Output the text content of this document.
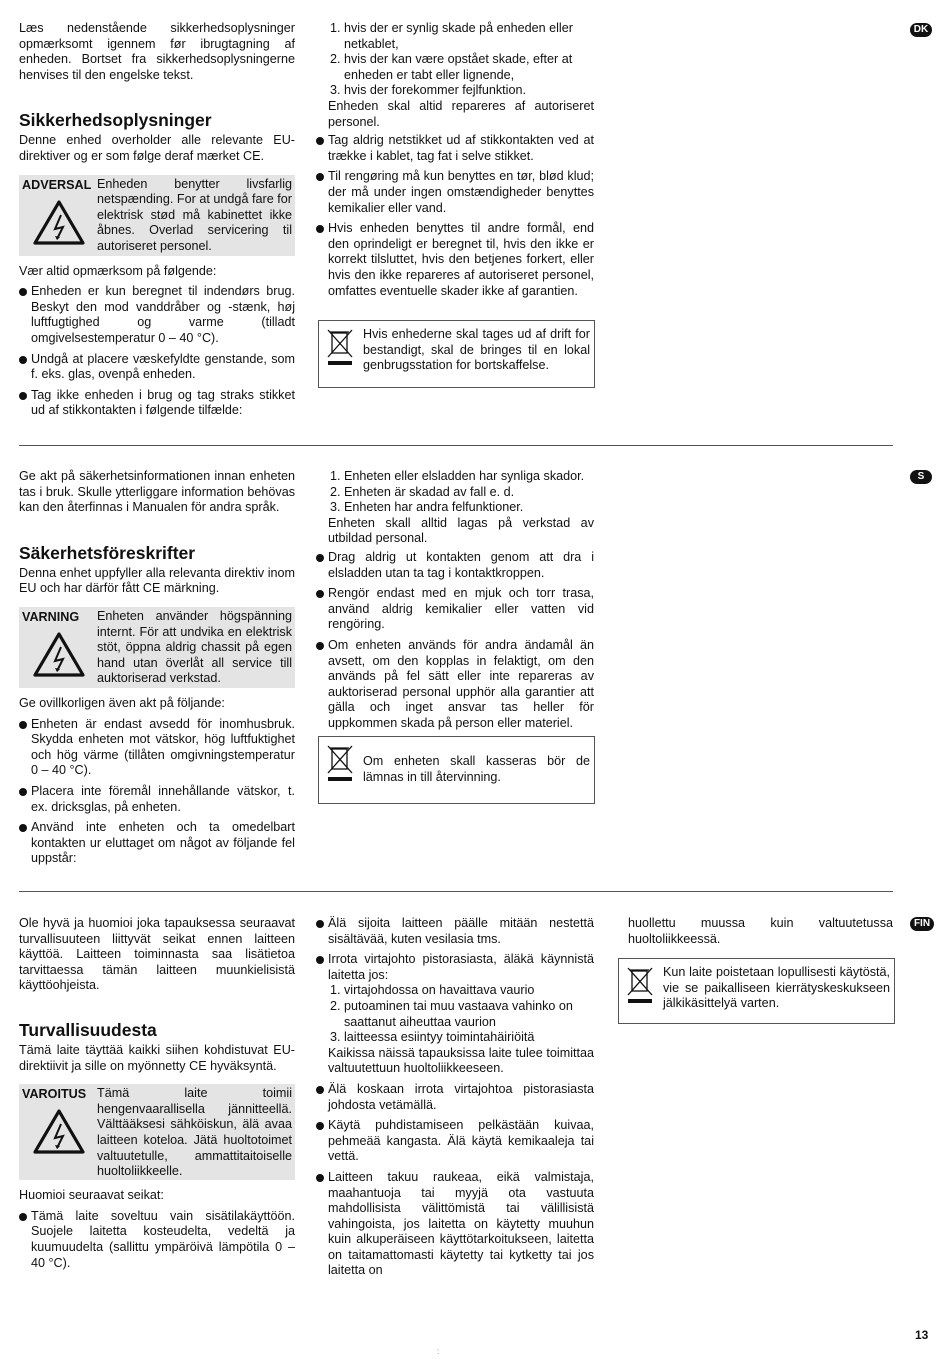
DK

Læs nedenstående sikkerhedsoplysninger opmærksomt igennem før ibrugtagning af enheden. Bortset fra sikkerhedsoplysningerne henvises til den engelske tekst.

Sikkerhedsoplysninger

Denne enhed overholder alle relevante EU-direktiver og er som følge deraf mærket CE.

ADVERSAL Enheden benytter livsfarlig netspænding. For at undgå fare for elektrisk stød må kabinettet ikke åbnes. Overlad servicering til autoriseret personel.

Vær altid opmærksom på følgende:

Enheden er kun beregnet til indendørs brug. Beskyt den mod vanddråber og -stænk, høj luftfugtighed og varme (tilladt omgivelsestemperatur 0 – 40 °C).
Undgå at placere væskefyldte genstande, som f. eks. glas, ovenpå enheden.
Tag ikke enheden i brug og tag straks stikket ud af stikkontakten i følgende tilfælde:
1. hvis der er synlig skade på enheden eller netkablet,
2. hvis der kan være opstået skade, efter at enheden er tabt eller lignende,
3. hvis der forekommer fejlfunktion.

Enheden skal altid repareres af autoriseret personel.

Tag aldrig netstikket ud af stikkontakten ved at trække i kablet, tag fat i selve stikket.
Til rengøring må kun benyttes en tør, blød klud; der må under ingen omstændigheder benyttes kemikalier eller vand.
Hvis enheden benyttes til andre formål, end den oprindeligt er beregnet til, hvis den ikke er korrekt tilsluttet, hvis den betjenes forkert, eller hvis den ikke repareres af autoriseret personel, omfattes eventuelle skader ikke af garantien.

Hvis enhederne skal tages ud af drift for bestandigt, skal de bringes til en lokal genbrugsstation for bortskaffelse.

S

Ge akt på säkerhetsinformationen innan enheten tas i bruk. Skulle ytterliggare information behövas kan den återfinnas i Manualen för andra språk.

Säkerhetsföreskrifter

Denna enhet uppfyller alla relevanta direktiv inom EU och har därför fått CE märkning.

VARNING Enheten använder högspänning internt. För att undvika en elektrisk stöt, öppna aldrig chassit på egen hand utan överlåt all service till auktoriserad verkstad.

Ge ovillkorligen även akt på följande:

Enheten är endast avsedd för inomhusbruk. Skydda enheten mot vätskor, hög luftfuktighet och hög värme (tillåten omgivningstemperatur 0 – 40 °C).
Placera inte föremål innehållande vätskor, t. ex. dricksglas, på enheten.
Använd inte enheten och ta omedelbart kontakten ur eluttaget om något av följande fel uppstår:
1. Enheten eller elsladden har synliga skador.
2. Enheten är skadad av fall e. d.
3. Enheten har andra felfunktioner.

Enheten skall alltid lagas på verkstad av utbildad personal.

Drag aldrig ut kontakten genom att dra i elsladden utan ta tag i kontaktkroppen.
Rengör endast med en mjuk och torr trasa, använd aldrig kemikalier eller vatten vid rengöring.
Om enheten används för andra ändamål än avsett, om den kopplas in felaktigt, om den används på fel sätt eller inte repareras av auktoriserad personal upphör alla garantier att gälla och inget ansvar tas heller för uppkommen skada på person eller materiel.

Om enheten skall kasseras bör de lämnas in till återvinning.

FIN

Ole hyvä ja huomioi joka tapauksessa seuraavat turvallisuuteen liittyvät seikat ennen laitteen käyttöä. Laitteen toiminnasta saa lisätietoa tarvittaessa tämän laitteen muunkielisistä käyttöohjeista.

Turvallisuudesta

Tämä laite täyttää kaikki siihen kohdistuvat EU-direktiivit ja sille on myönnetty CE hyväksyntä.

VAROITUS Tämä laite toimii hengenvaarallisella jännitteellä. Välttääksesi sähköiskun, älä avaa laitteen koteloa. Jätä huoltotoimet valtuutetulle, ammattitaitoiselle huoltoliikkeelle.

Huomioi seuraavat seikat:

Tämä laite soveltuu vain sisätilakäyttöön. Suojele laitetta kosteudelta, vedeltä ja kuumuudelta (sallittu ympäröivä lämpötila 0 – 40 °C).
Älä sijoita laitteen päälle mitään nestettä sisältävää, kuten vesilasia tms.
Irrota virtajohto pistorasiasta, äläkä käynnistä laitetta jos:
1. virtajohdossa on havaittava vaurio
2. putoaminen tai muu vastaava vahinko on saattanut aiheuttaa vaurion
3. laitteessa esiintyy toimintahäiriöitä

Kaikissa näissä tapauksissa laite tulee toimittaa valtuutettuun huoltoliikkeeseen.

Älä koskaan irrota virtajohtoa pistorasiasta johdosta vetämällä.
Käytä puhdistamiseen pelkästään kuivaa, pehmeää kangasta. Älä käytä kemikaaleja tai vettä.
Laitteen takuu raukeaa, eikä valmistaja, maahantuoja tai myyjä ota vastuuta mahdollisista välittömistä tai välillisistä vahingoista, jos laitetta on käytetty muuhun kuin alkuperäiseen käyttötarkoitukseen, laitetta on taitamattomasti käytetty tai kytketty tai jos laitetta on

huollettu muussa kuin valtuutetussa huoltoliikkeessä.

Kun laite poistetaan lopullisesti käytöstä, vie se paikalliseen kierrätyskeskukseen jälkikäsittelyä varten.

13
:
